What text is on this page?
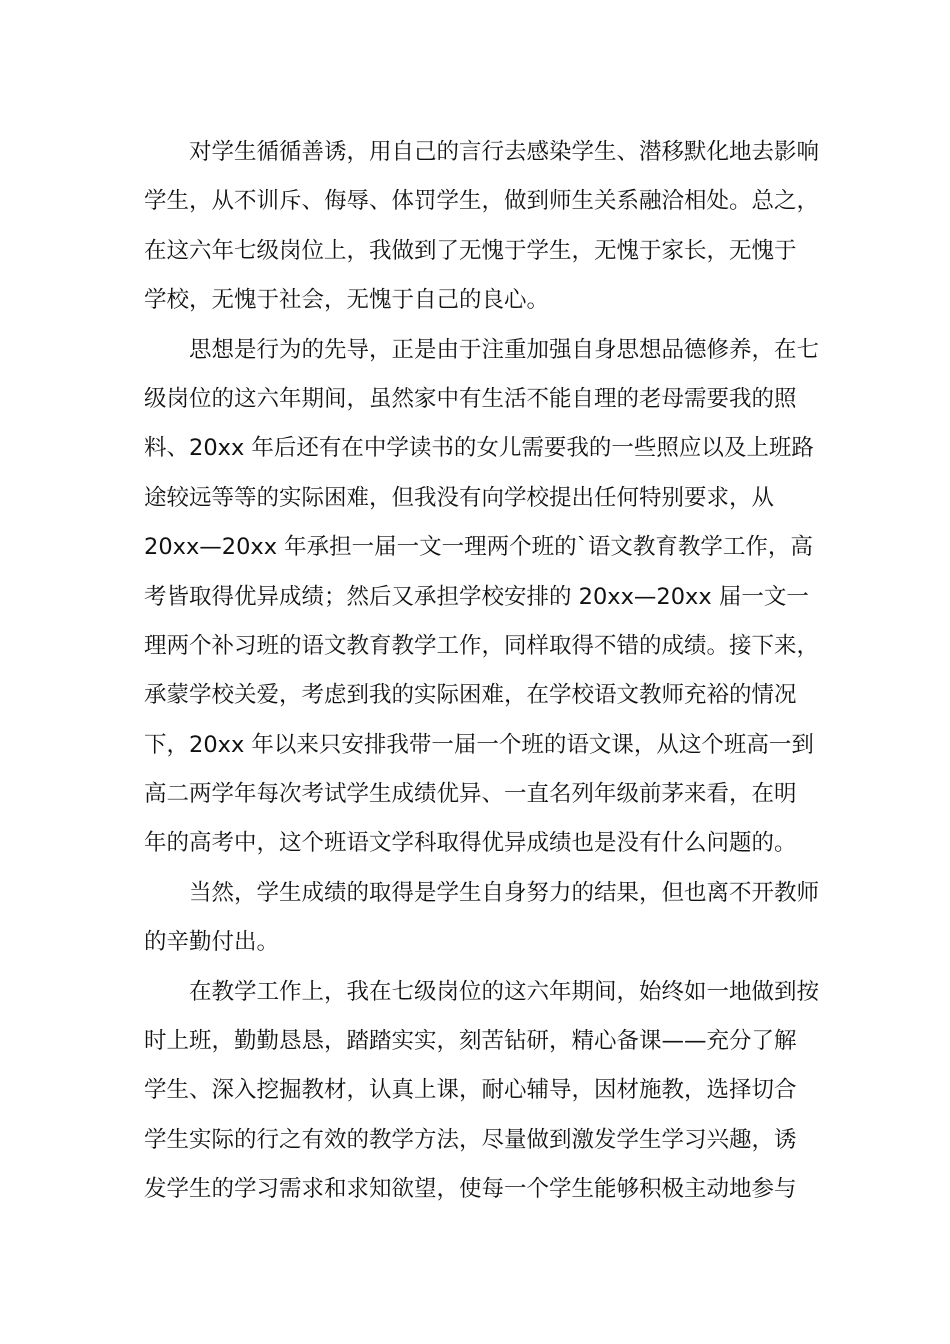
　　对学生循循善诱，用自己的言行去感染学生、潜移默化地去影响
学生，从不训斥、侮辱、体罚学生，做到师生关系融洽相处。总之，
在这六年七级岗位上，我做到了无愧于学生，无愧于家长，无愧于
学校，无愧于社会，无愧于自己的良心。
　　思想是行为的先导，正是由于注重加强自身思想品德修养，在七
级岗位的这六年期间，虽然家中有生活不能自理的老母需要我的照
料、20xx 年后还有在中学读书的女儿需要我的一些照应以及上班路
途较远等等的实际困难，但我没有向学校提出任何特别要求，从
20xx—20xx 年承担一届一文一理两个班的`语文教育教学工作，高
考皆取得优异成绩；然后又承担学校安排的 20xx—20xx 届一文一
理两个补习班的语文教育教学工作，同样取得不错的成绩。接下来，
承蒙学校关爱，考虑到我的实际困难，在学校语文教师充裕的情况
下，20xx 年以来只安排我带一届一个班的语文课，从这个班高一到
高二两学年每次考试学生成绩优异、一直名列年级前茅来看，在明
年的高考中，这个班语文学科取得优异成绩也是没有什么问题的。
　　当然，学生成绩的取得是学生自身努力的结果，但也离不开教师
的辛勤付出。
　　在教学工作上，我在七级岗位的这六年期间，始终如一地做到按
时上班，勤勤恳恳，踏踏实实，刻苦钻研，精心备课——充分了解
学生、深入挖掘教材，认真上课，耐心辅导，因材施教，选择切合
学生实际的行之有效的教学方法，尽量做到激发学生学习兴趣，诱
发学生的学习需求和求知欲望，使每一个学生能够积极主动地参与
